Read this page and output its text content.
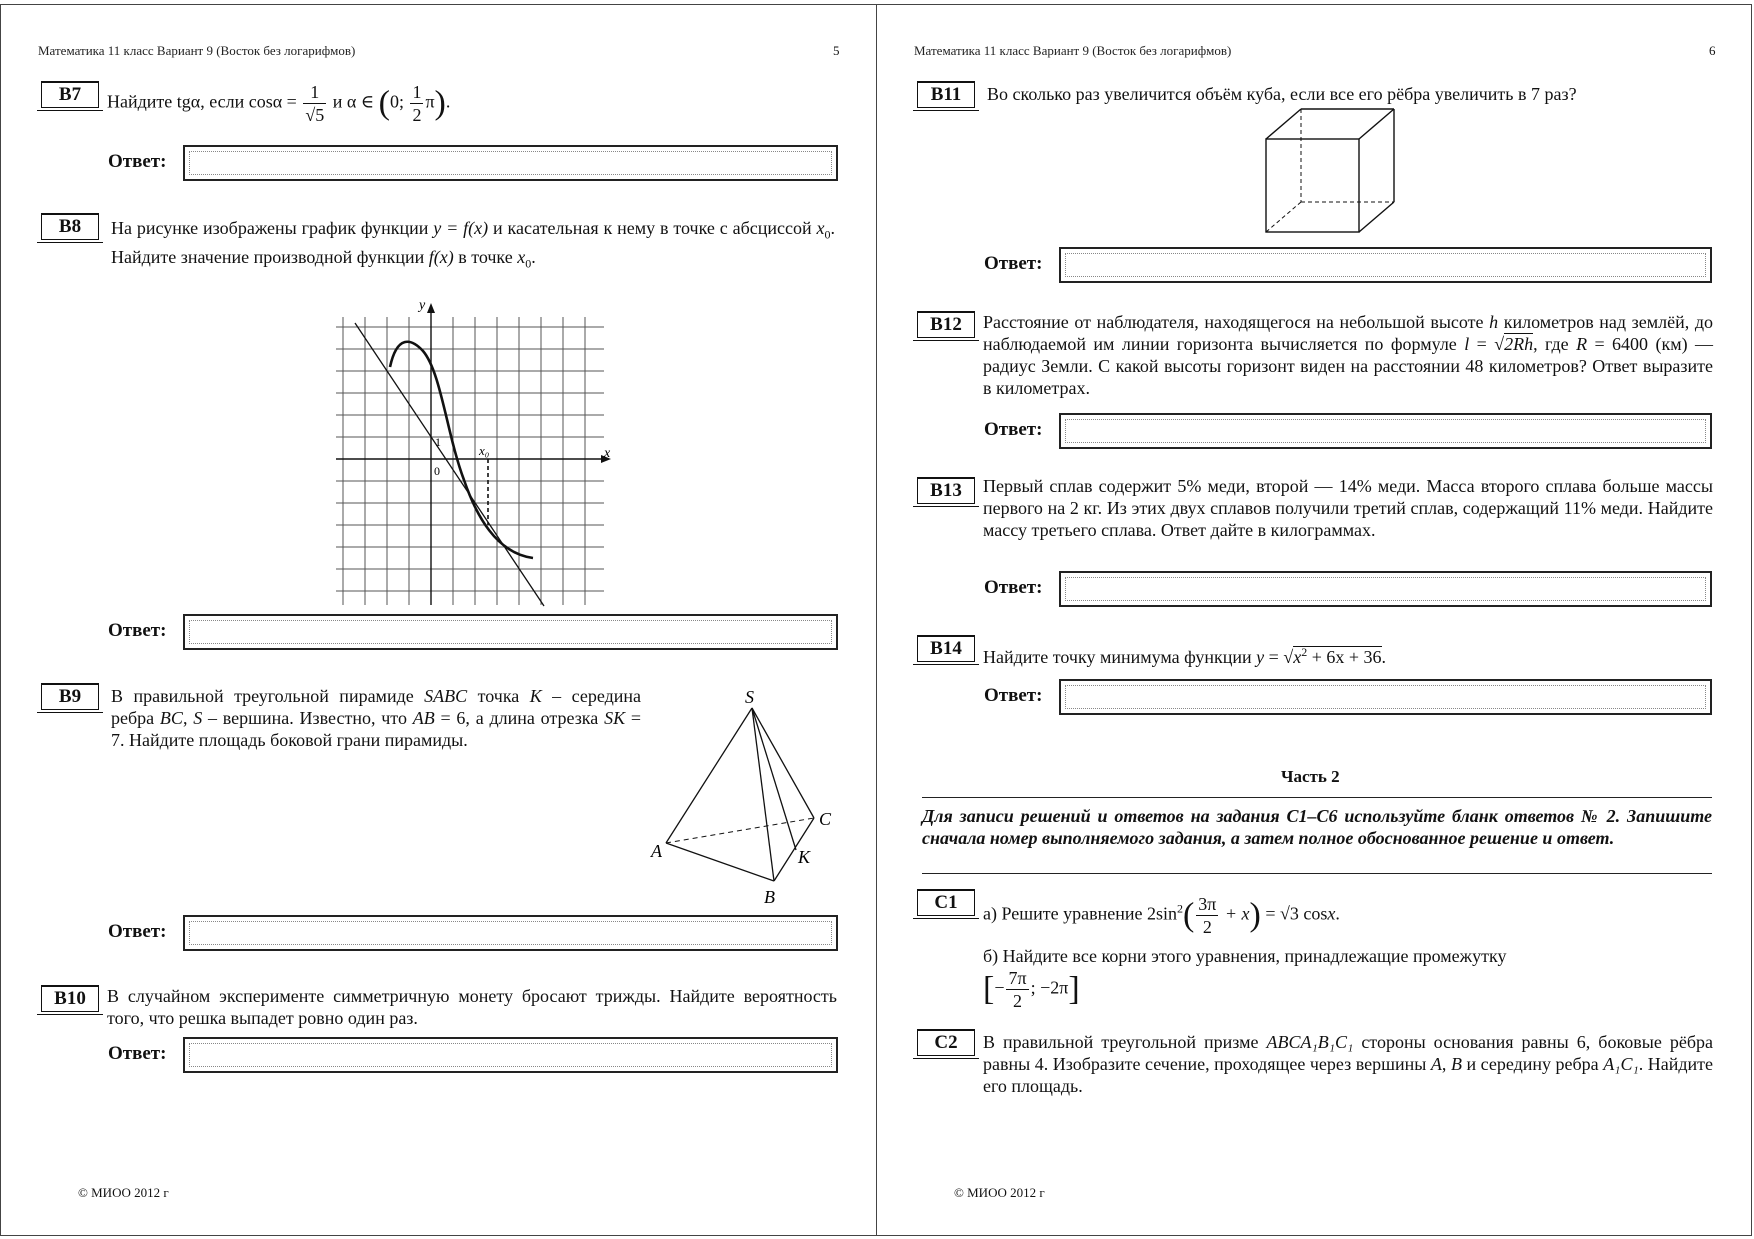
Математика 11 класс Вариант 9 (Восток без логарифмов)	5
B7	Найдите tgα, если $\cos\alpha = \frac{1}{√5}$ и α ∈ (0; $\frac{1}{2} \pi$).
Ответ:
B8	На рисунке изображены график функции y = f(x) и касательная к нему в точке с абсциссой $x_0$. Найдите значение производной функции f(x) в точке $x_0$.
y
x
0
1
x₀
Ответ:
B9	В правильной треугольной пирамиде SABC точка K – середина ребра BC, S – вершина. Известно, что AB = 6, а длина отрезка SK = 7. Найдите площадь боковой грани пирамиды.
S
A
B
C
K
Ответ:
B10	В случайном эксперименте симметричную монету бросают трижды. Найдите вероятность того, что решка выпадет ровно один раз.
Ответ:
© МИОО 2012 г
Математика 11 класс Вариант 9 (Восток без логарифмов)	6
B11	Во сколько раз увеличится объём куба, если все его рёбра увеличить в 7 раз?
Ответ:
B12	Расстояние от наблюдателя, находящегося на небольшой высоте h километров над землёй, до наблюдаемой им линии горизонта вычисляется по формуле l = √2Rh, где R = 6400 (км) — радиус Земли. С какой высоты горизонт виден на расстоянии 48 километров? Ответ выразите в километрах.
Ответ:
B13	Первый сплав содержит 5% меди, второй — 14% меди. Масса второго сплава больше массы первого на 2 кг. Из этих двух сплавов получили третий сплав, содержащий 11% меди. Найдите массу третьего сплава. Ответ дайте в килограммах.
Ответ:
B14	Найдите точку минимума функции $y = √x^2 + 6x + 36$.
Ответ:
Часть 2
Для записи решений и ответов на задания С1–С6 используйте бланк ответов № 2. Запишите сначала номер выполняемого задания, а затем полное обоснованное решение и ответ.
C1
а) Решите уравнение $2\sin^2( \frac{3\pi}{2} + x) = √3$ cosx.
б) Найдите все корни этого уравнения, принадлежащие промежутку
[− $\frac{7\pi}{2}$ ; −2π]
C2	В правильной треугольной призме ABCA₁B₁C₁ стороны основания равны 6, боковые рёбра равны 4. Изобразите сечение, проходящее через вершины A, B и середину ребра A₁C₁. Найдите его площадь.
© МИОО 2012 г
